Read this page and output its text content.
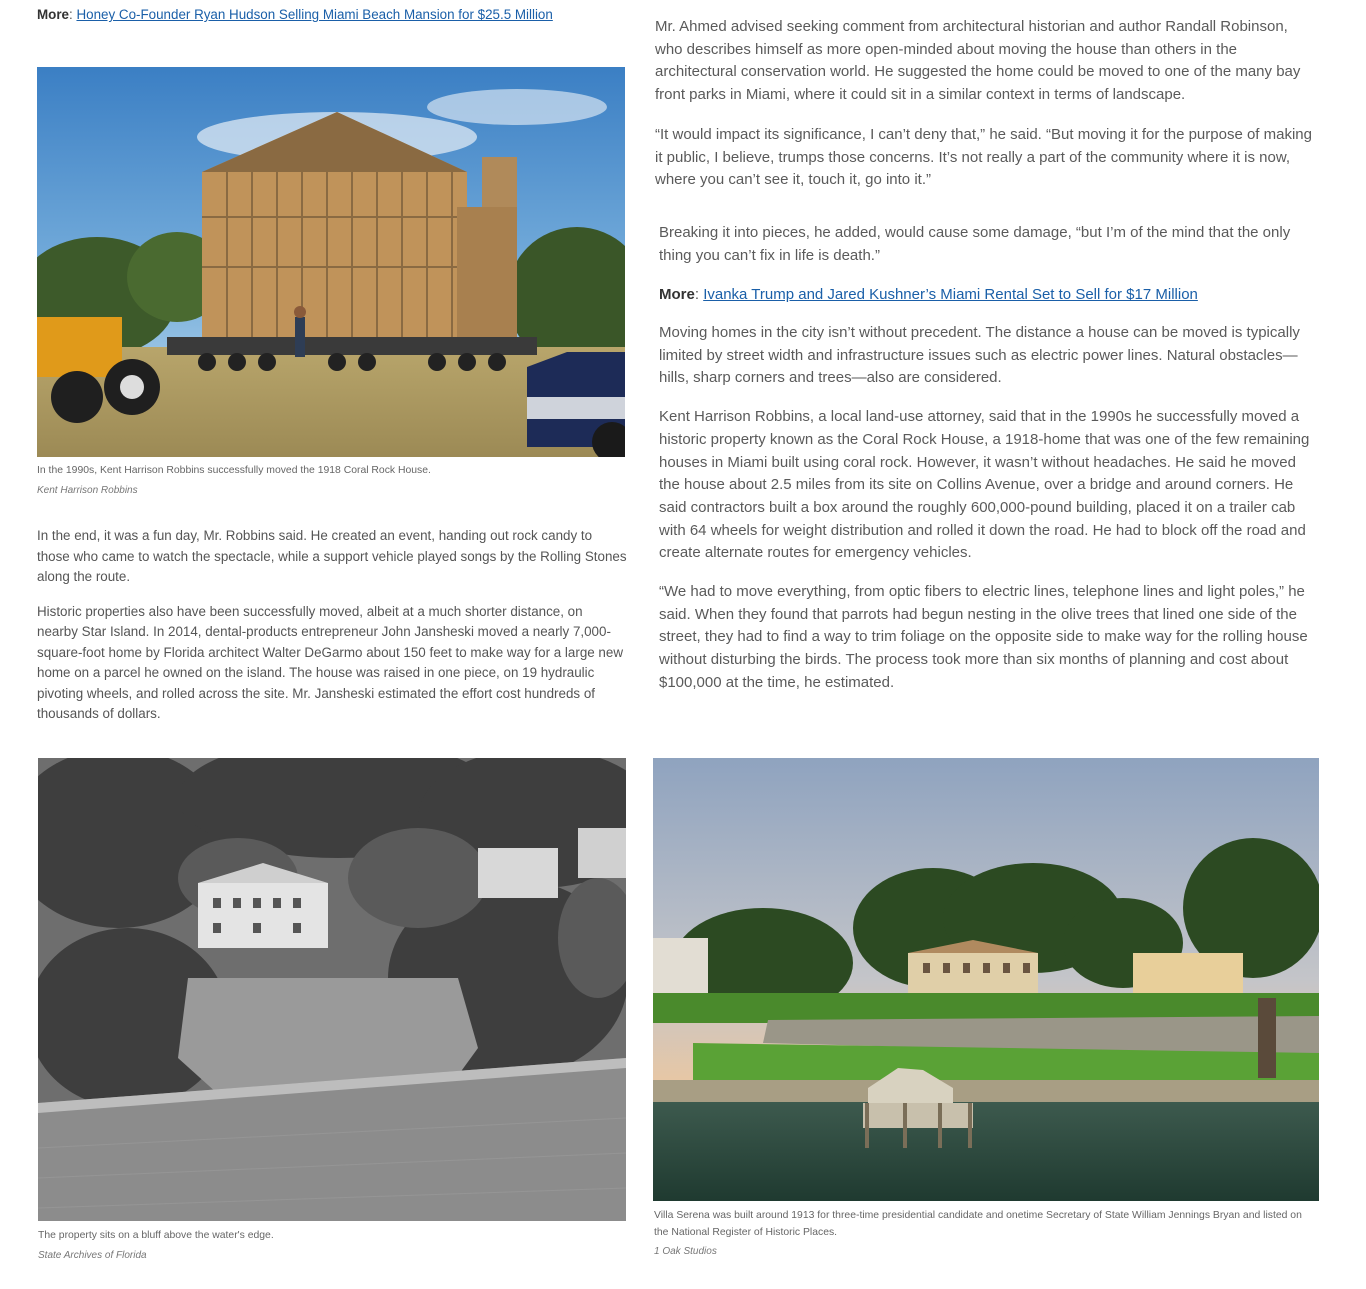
More: Honey Co-Founder Ryan Hudson Selling Miami Beach Mansion for $25.5 Million
In the 1990s, Kent Harrison Robbins successfully moved the 1918 Coral Rock House.
Kent Harrison Robbins

In the end, it was a fun day, Mr. Robbins said. He created an event, handing out rock candy to those who came to watch the spectacle, while a support vehicle played songs by the Rolling Stones along the route.

Historic properties also have been successfully moved, albeit at a much shorter distance, on nearby Star Island. In 2014, dental-products entrepreneur John Jansheski moved a nearly 7,000-square-foot home by Florida architect Walter DeGarmo about 150 feet to make way for a large new home on a parcel he owned on the island. The house was raised in one piece, on 19 hydraulic pivoting wheels, and rolled across the site. Mr. Jansheski estimated the effort cost hundreds of thousands of dollars.

The property sits on a bluff above the water's edge.
State Archives of Florida

Mr. Ahmed advised seeking comment from architectural historian and author Randall Robinson, who describes himself as more open-minded about moving the house than others in the architectural conservation world. He suggested the home could be moved to one of the many bay front parks in Miami, where it could sit in a similar context in terms of landscape.

“It would impact its significance, I can’t deny that,” he said. “But moving it for the purpose of making it public, I believe, trumps those concerns. It’s not really a part of the community where it is now, where you can’t see it, touch it, go into it.”

Breaking it into pieces, he added, would cause some damage, “but I’m of the mind that the only thing you can’t fix in life is death.”

More: Ivanka Trump and Jared Kushner’s Miami Rental Set to Sell for $17 Million

Moving homes in the city isn’t without precedent. The distance a house can be moved is typically limited by street width and infrastructure issues such as electric power lines. Natural obstacles—hills, sharp corners and trees—also are considered.

Kent Harrison Robbins, a local land-use attorney, said that in the 1990s he successfully moved a historic property known as the Coral Rock House, a 1918-home that was one of the few remaining houses in Miami built using coral rock. However, it wasn’t without headaches. He said he moved the house about 2.5 miles from its site on Collins Avenue, over a bridge and around corners. He said contractors built a box around the roughly 600,000-pound building, placed it on a trailer cab with 64 wheels for weight distribution and rolled it down the road. He had to block off the road and create alternate routes for emergency vehicles.

“We had to move everything, from optic fibers to electric lines, telephone lines and light poles,” he said. When they found that parrots had begun nesting in the olive trees that lined one side of the street, they had to find a way to trim foliage on the opposite side to make way for the rolling house without disturbing the birds. The process took more than six months of planning and cost about $100,000 at the time, he estimated.

Villa Serena was built around 1913 for three-time presidential candidate and onetime Secretary of State William Jennings Bryan and listed on the National Register of Historic Places.
1 Oak Studios
